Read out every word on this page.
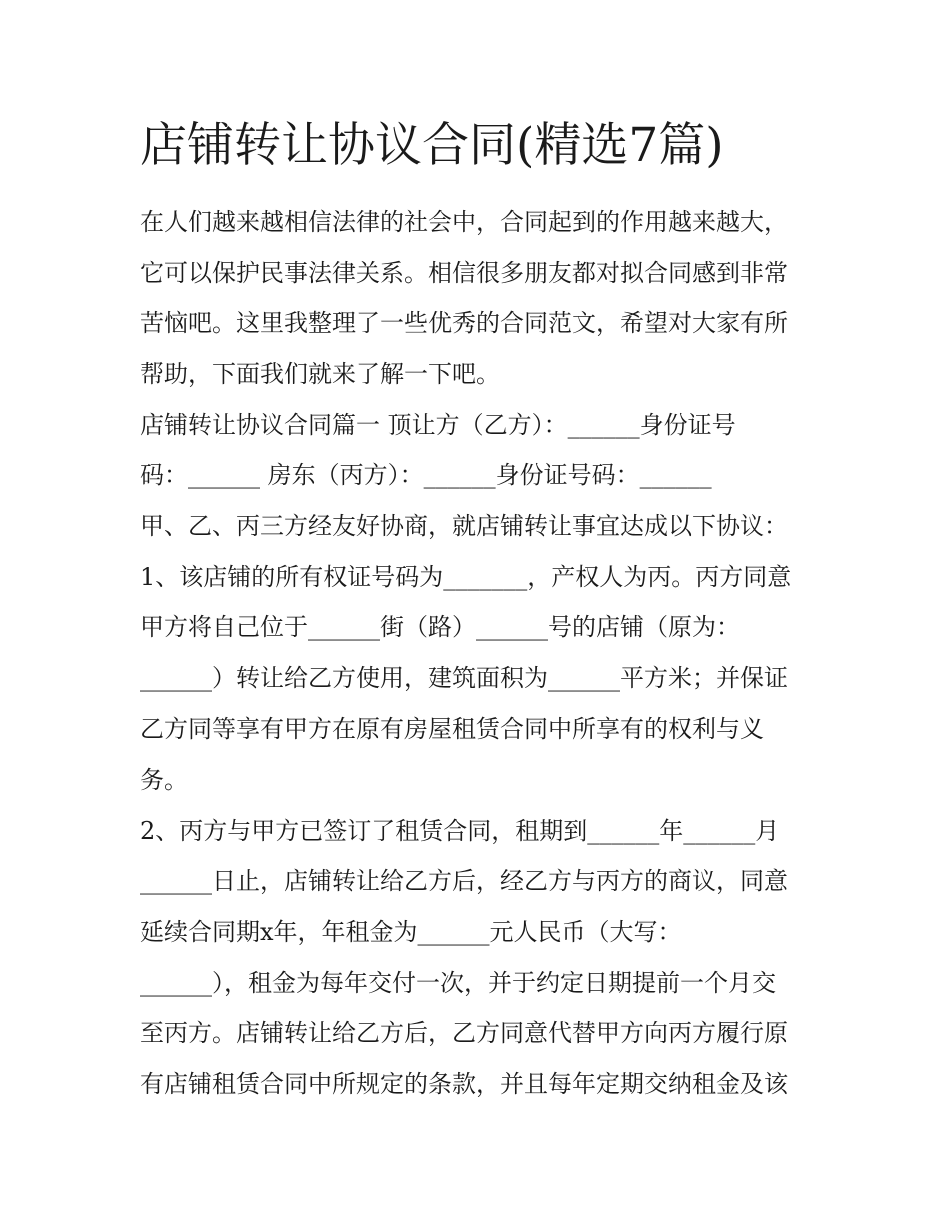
店铺转让协议合同(精选7篇)

在人们越来越相信法律的社会中，合同起到的作用越来越大，

它可以保护民事法律关系。相信很多朋友都对拟合同感到非常

苦恼吧。这里我整理了一些优秀的合同范文，希望对大家有所

帮助，下面我们就来了解一下吧。

店铺转让协议合同篇一 顶让方（乙方）：______身份证号

码：______ 房东（丙方）：______身份证号码：______

甲、乙、丙三方经友好协商，就店铺转让事宜达成以下协议：

1、该店铺的所有权证号码为_______，产权人为丙。丙方同意

甲方将自己位于______街（路）______号的店铺（原为：

______）转让给乙方使用，建筑面积为______平方米；并保证

乙方同等享有甲方在原有房屋租赁合同中所享有的权利与义

务。

2、丙方与甲方已签订了租赁合同，租期到______年______月

______日止，店铺转让给乙方后，经乙方与丙方的商议，同意

延续合同期x年，年租金为______元人民币（大写：

______），租金为每年交付一次，并于约定日期提前一个月交

至丙方。店铺转让给乙方后，乙方同意代替甲方向丙方履行原

有店铺租赁合同中所规定的条款，并且每年定期交纳租金及该
